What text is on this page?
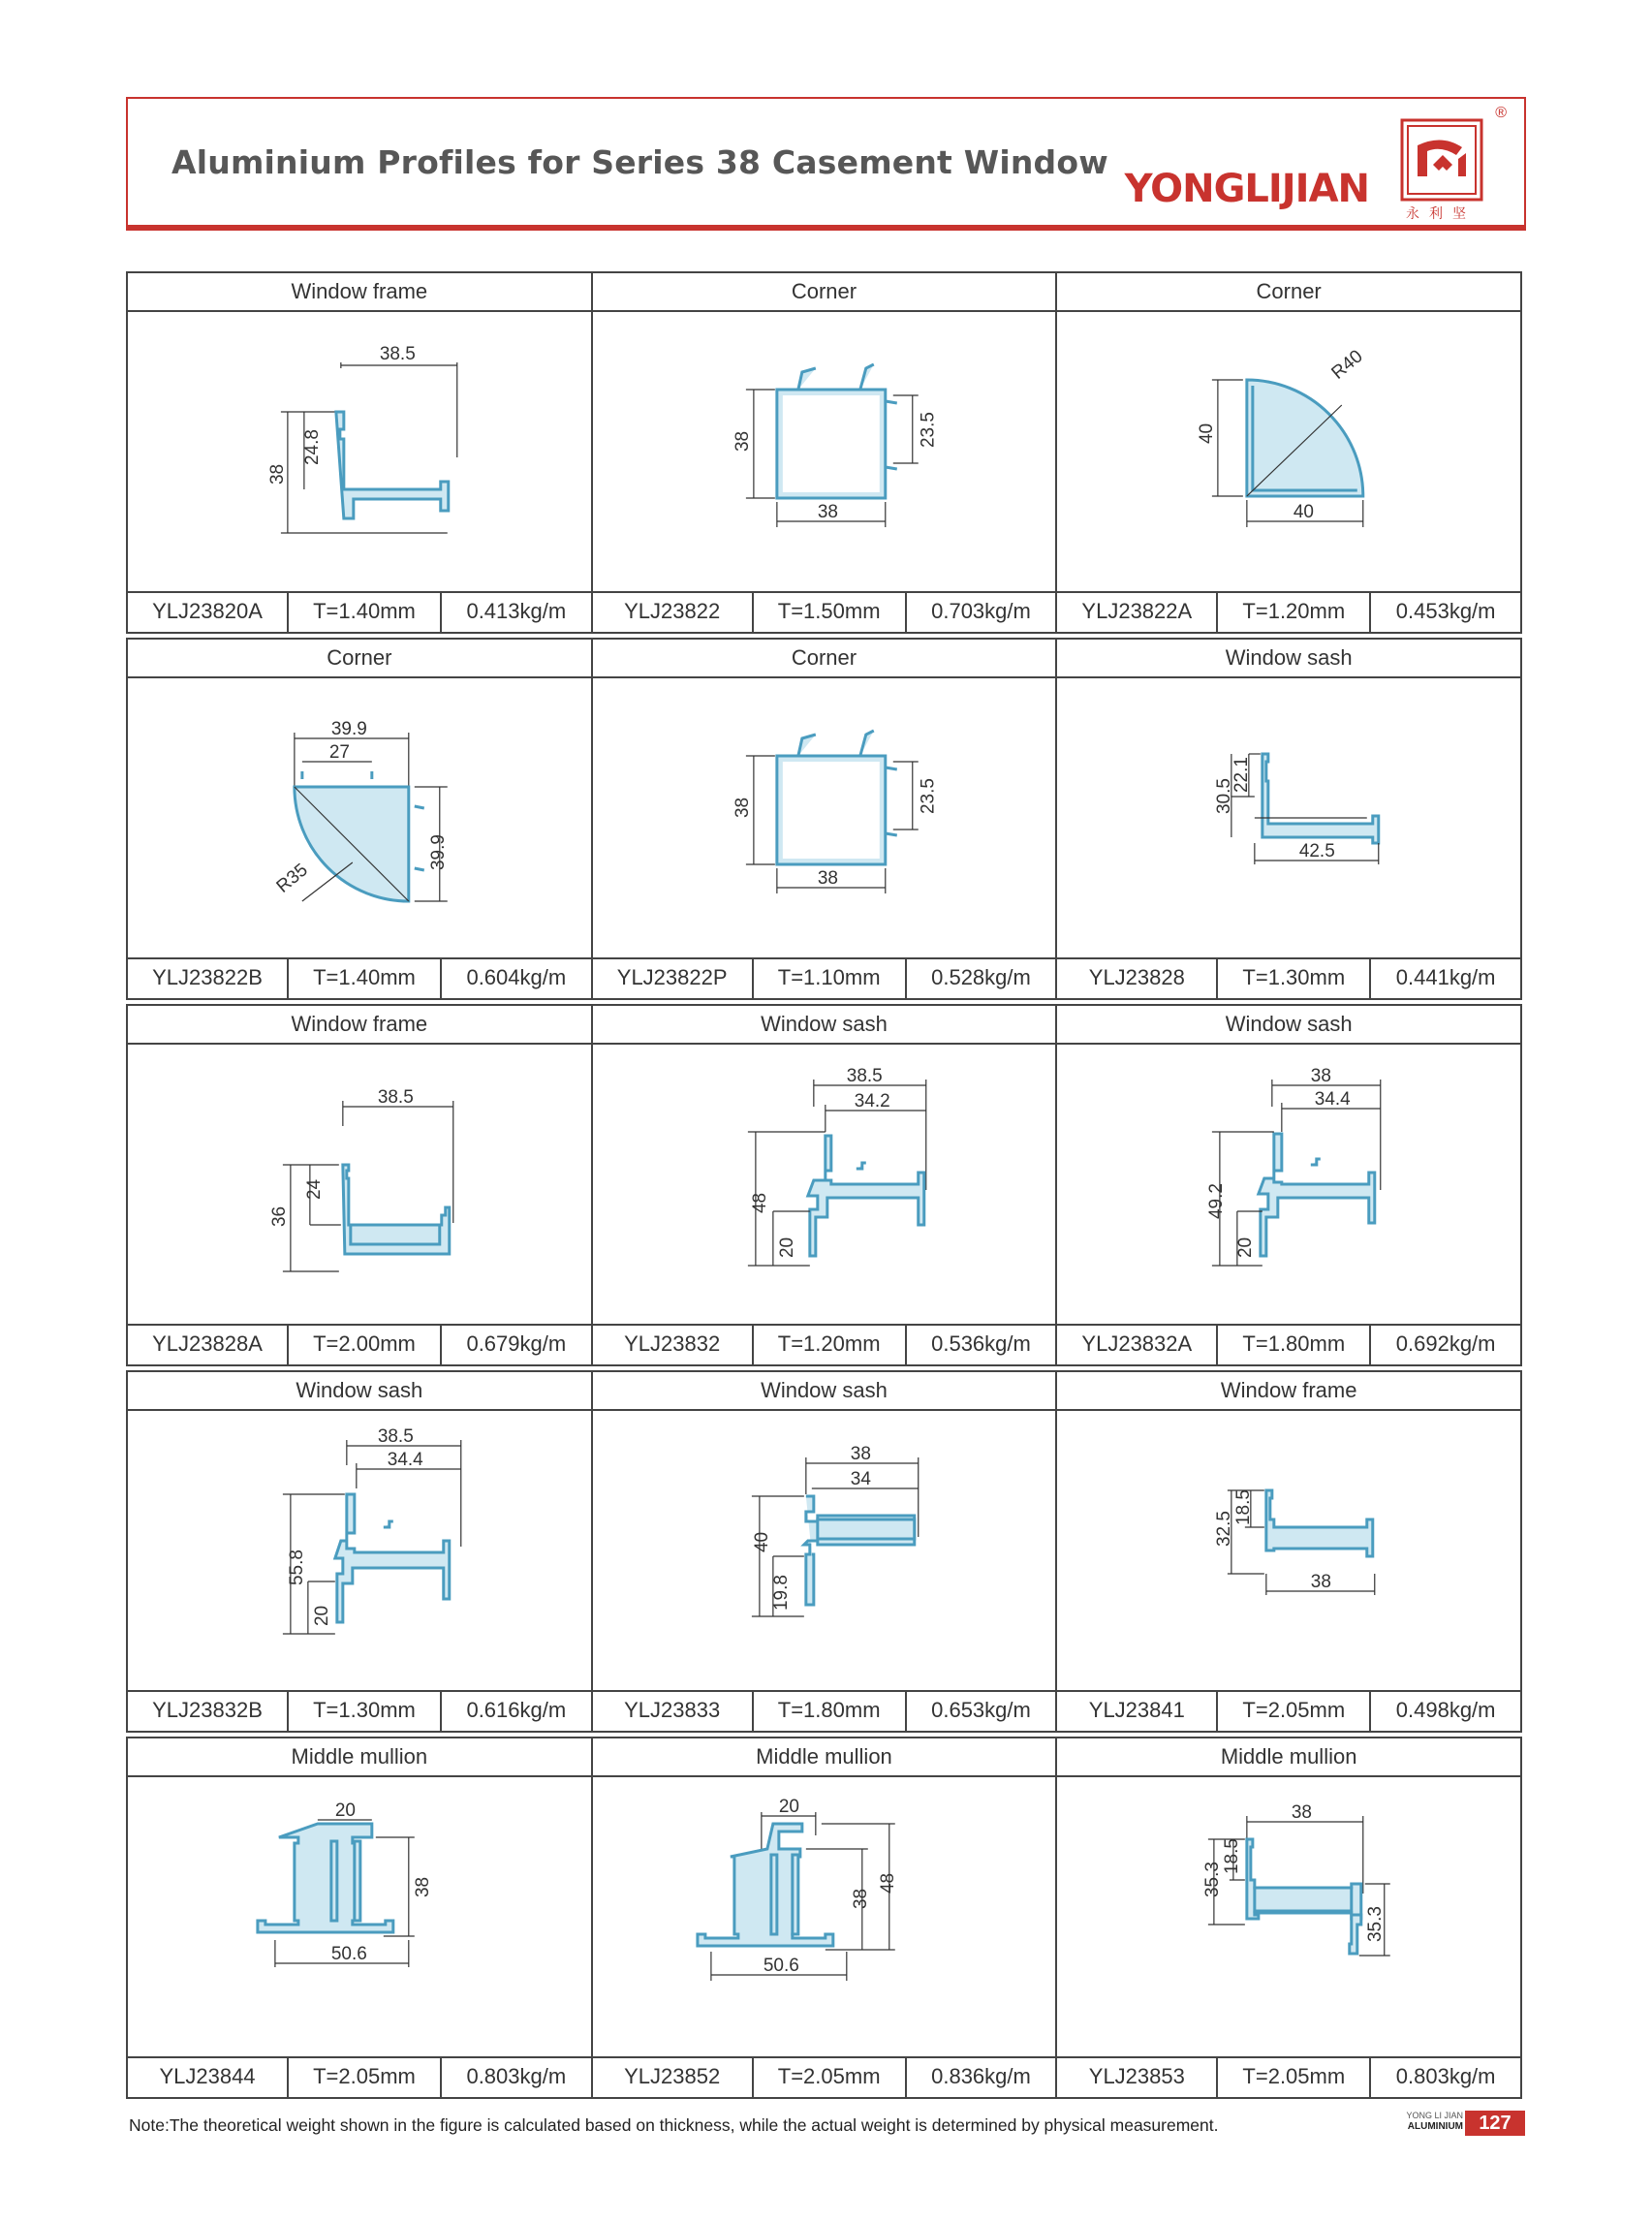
Aluminium Profiles for Series 38 Casement Window
YONGLIJIAN
®
永利坚
Window frame
38.5
38
24.8
YLJ23820A	T=1.40mm	0.413kg/m
Corner
38
38
23.5
YLJ23822	T=1.50mm	0.703kg/m
Corner
R40
40
40
YLJ23822A	T=1.20mm	0.453kg/m
Corner
39.9
27
R35
39.9
YLJ23822B	T=1.40mm	0.604kg/m
Corner
38
38
23.5
YLJ23822P	T=1.10mm	0.528kg/m
Window sash
30.5
22.1
42.5
YLJ23828	T=1.30mm	0.441kg/m
Window frame
38.5
36
24
YLJ23828A	T=2.00mm	0.679kg/m
Window sash
38.5
34.2
48
20
YLJ23832	T=1.20mm	0.536kg/m
Window sash
38
34.4
49.2
20
YLJ23832A	T=1.80mm	0.692kg/m
Window sash
38.5
34.4
55.8
20
YLJ23832B	T=1.30mm	0.616kg/m
Window sash
38
34
40
19.8
YLJ23833	T=1.80mm	0.653kg/m
Window frame
32.5
18.5
38
YLJ23841	T=2.05mm	0.498kg/m
Middle mullion
20
38
50.6
YLJ23844	T=2.05mm	0.803kg/m
Middle mullion
20
38
48
50.6
YLJ23852	T=2.05mm	0.836kg/m
Middle mullion
38
35.3
18.5
35.3
YLJ23853	T=2.05mm	0.803kg/m
Note:The theoretical weight shown in the figure is calculated based on thickness, while the actual weight is determined by physical measurement.	YONG LI JIAN
ALUMINIUM 127
